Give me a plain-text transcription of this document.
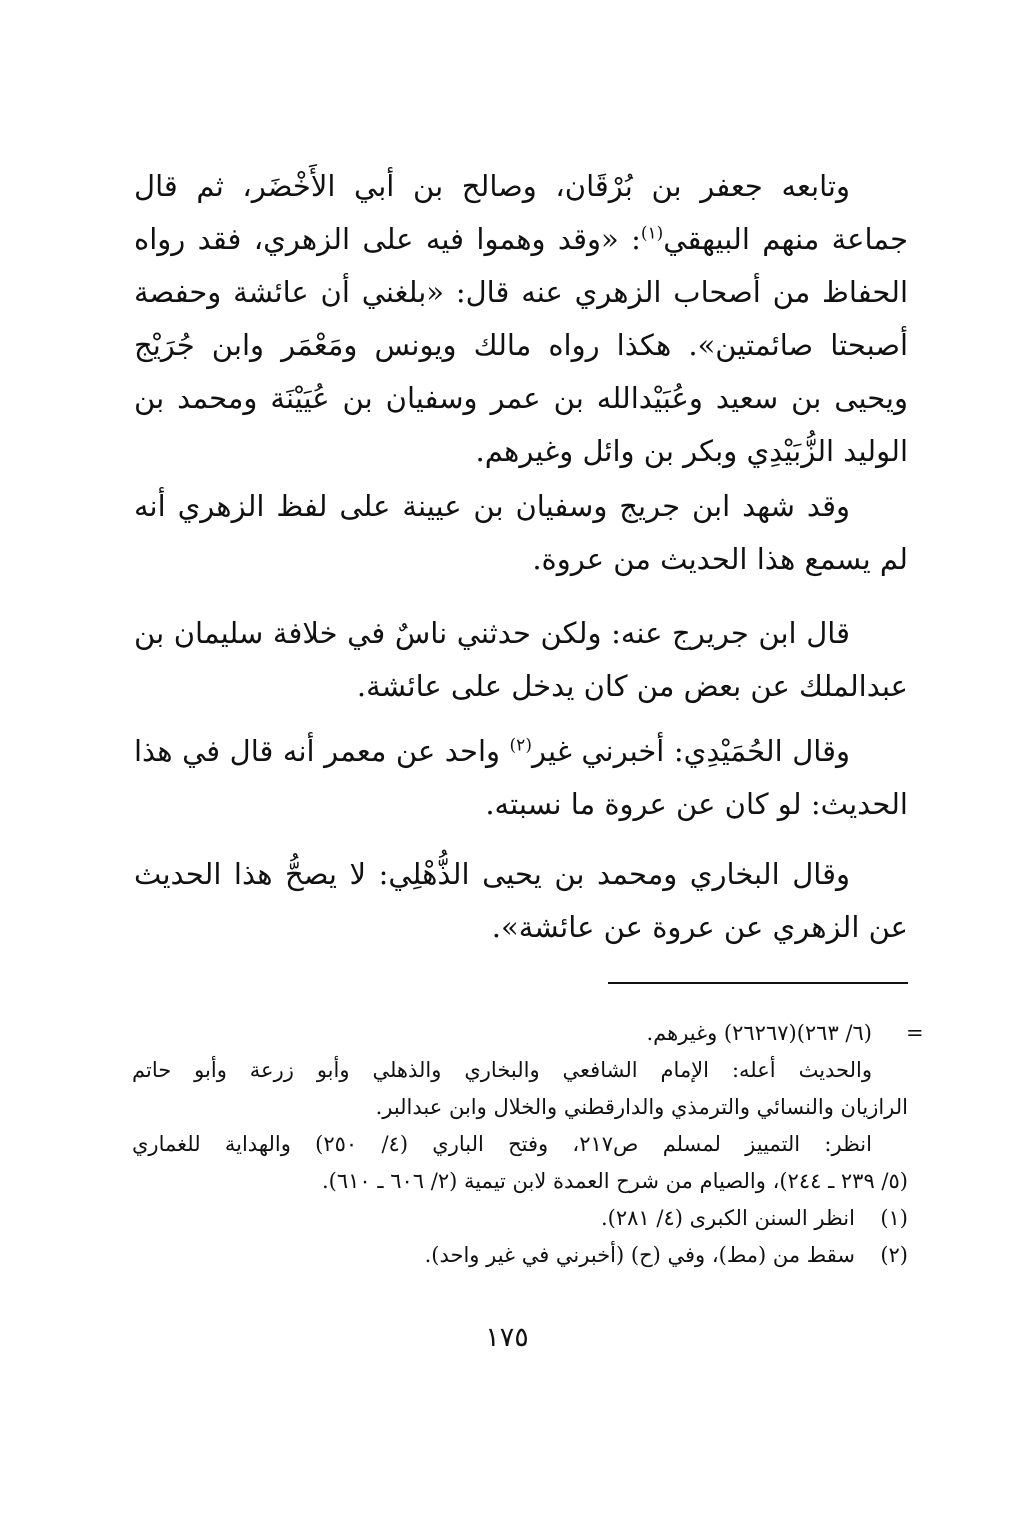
وتابعه جعفر بن بُرْقَان، وصالح بن أبي الأَخْضَر، ثم قال جماعة منهم البيهقي$^{(١)}$: «وقد وهموا فيه على الزهري، فقد رواه الحفاظ من أصحاب الزهري عنه قال: «بلغني أن عائشة وحفصة أصبحتا صائمتين». هكذا رواه مالك ويونس ومَعْمَر وابن جُرَيْج ويحيى بن سعيد وعُبَيْدالله بن عمر وسفيان بن عُيَيْنَة ومحمد بن الوليد الزُّبَيْدِي وبكر بن وائل وغيرهم.

وقد شهد ابن جريج وسفيان بن عيينة على لفظ الزهري أنه لم يسمع هذا الحديث من عروة.

قال ابن جريرج عنه: ولكن حدثني ناسٌ في خلافة سليمان بن عبدالملك عن بعض من كان يدخل على عائشة.

وقال الحُمَيْدِي: أخبرني غير$^{(٢)}$ واحد عن معمر أنه قال في هذا الحديث: لو كان عن عروة ما نسبته.

وقال البخاري ومحمد بن يحيى الذُّهْلِي: لا يصحُّ هذا الحديث عن الزهري عن عروة عن عائشة».

=
(٦/ ٢٦٣)(٢٦٢٦٧) وغيرهم.
والحديث أعله: الإمام الشافعي والبخاري والذهلي وأبو زرعة وأبو حاتم
الرازيان والنسائي والترمذي والدارقطني والخلال وابن عبدالبر.
انظر: التمييز لمسلم ص٢١٧، وفتح الباري (٤/ ٢٥٠) والهداية للغماري
(٥/ ٢٣٩ ـ ٢٤٤)، والصيام من شرح العمدة لابن تيمية (٢/ ٦٠٦ ـ ٦١٠).
(١)  انظر السنن الكبرى (٤/ ٢٨١).
(٢)  سقط من (مط)، وفي (ح) (أخبرني في غير واحد).
١٧٥
